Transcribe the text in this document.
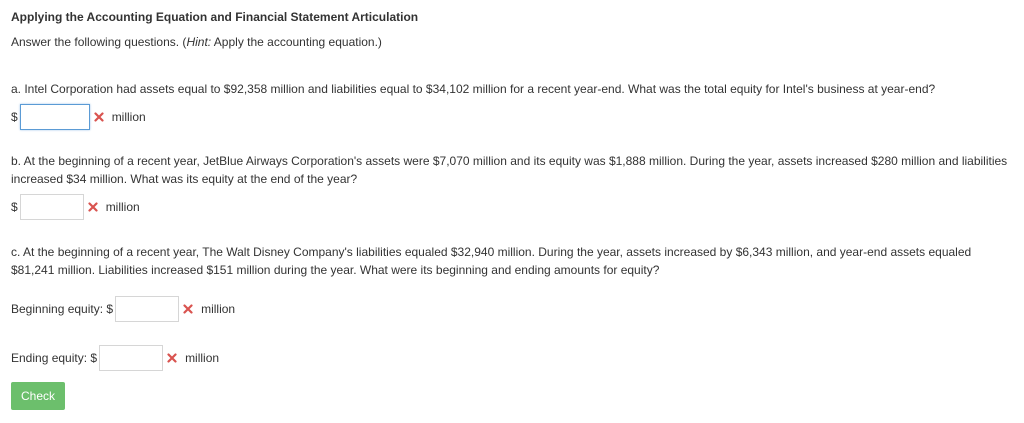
Applying the Accounting Equation and Financial Statement Articulation
Answer the following questions. (Hint: Apply the accounting equation.)
a. Intel Corporation had assets equal to $92,358 million and liabilities equal to $34,102 million for a recent year-end. What was the total equity for Intel's business at year-end?
$	million
b. At the beginning of a recent year, JetBlue Airways Corporation's assets were $7,070 million and its equity was $1,888 million. During the year, assets increased $280 million and liabilities increased $34 million. What was its equity at the end of the year?
$	million
c. At the beginning of a recent year, The Walt Disney Company's liabilities equaled $32,940 million. During the year, assets increased by $6,343 million, and year-end assets equaled $81,241 million. Liabilities increased $151 million during the year. What were its beginning and ending amounts for equity?
Beginning equity: $	million
Ending equity: $	million
Check
